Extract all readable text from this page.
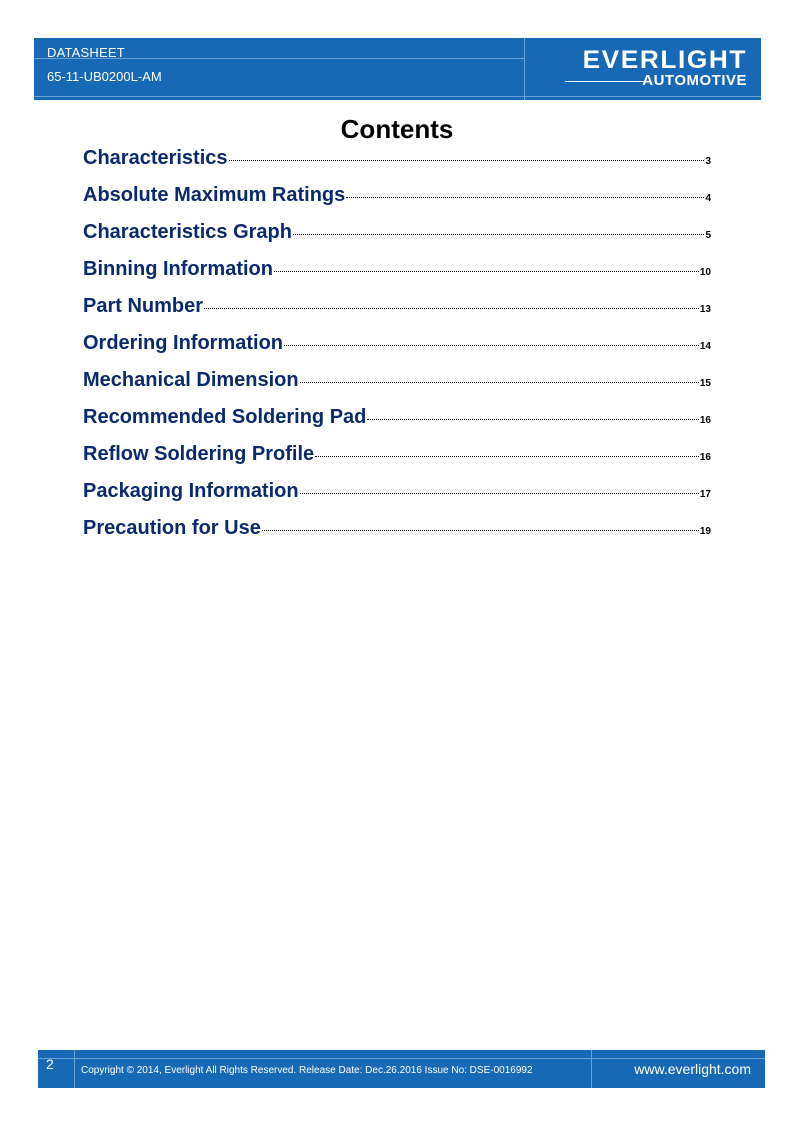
DATASHEET
65-11-UB0200L-AM
EVERLIGHT
AUTOMOTIVE
Contents
Characteristics	3
Absolute Maximum Ratings	4
Characteristics Graph	5
Binning Information	10
Part Number	13
Ordering Information	14
Mechanical Dimension	15
Recommended Soldering Pad	16
Reflow Soldering Profile	16
Packaging Information	17
Precaution for Use	19
2	Copyright © 2014, Everlight All Rights Reserved. Release Date: Dec.26.2016 Issue No: DSE-0016992	www.everlight.com
